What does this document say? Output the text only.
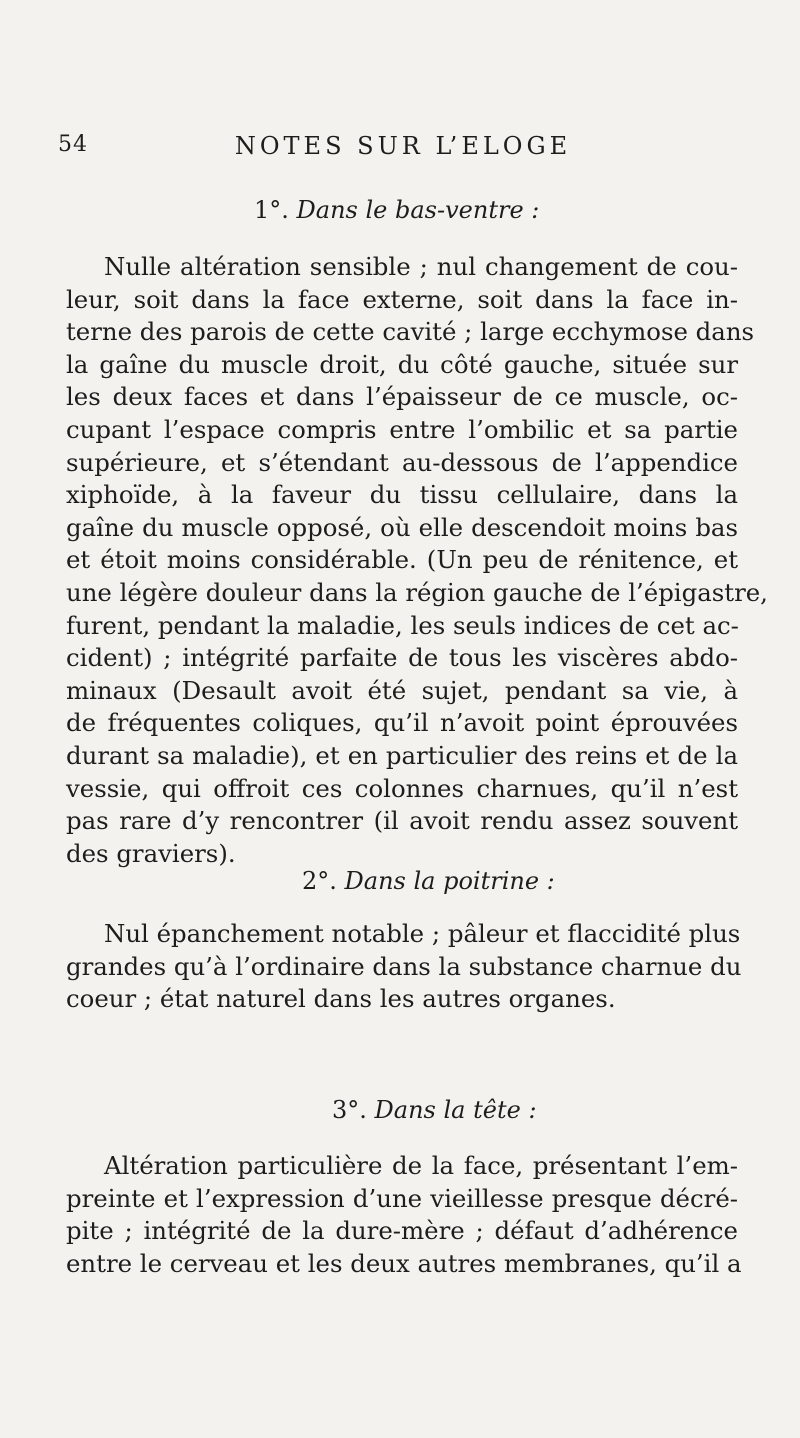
54	NOTES SUR L’ELOGE
1°. Dans le bas-ventre :
Nulle altération sensible ; nul changement de cou-
leur, soit dans la face externe, soit dans la face in-
terne des parois de cette cavité ; large ecchymose dans
la gaîne du muscle droit, du côté gauche, située sur
les deux faces et dans l’épaisseur de ce muscle, oc-
cupant l’espace compris entre l’ombilic et sa partie
supérieure, et s’étendant au-dessous de l’appendice
xiphoïde, à la faveur du tissu cellulaire, dans la
gaîne du muscle opposé, où elle descendoit moins bas
et étoit moins considérable. (Un peu de rénitence, et
une légère douleur dans la région gauche de l’épigastre,
furent, pendant la maladie, les seuls indices de cet ac-
cident) ; intégrité parfaite de tous les viscères abdo-
minaux (Desault avoit été sujet, pendant sa vie, à
de fréquentes coliques, qu’il n’avoit point éprouvées
durant sa maladie), et en particulier des reins et de la
vessie, qui offroit ces colonnes charnues, qu’il n’est
pas rare d’y rencontrer (il avoit rendu assez souvent
des graviers).
2°. Dans la poitrine :
Nul épanchement notable ; pâleur et flaccidité plus
grandes qu’à l’ordinaire dans la substance charnue du
coeur ; état naturel dans les autres organes.
3°. Dans la tête :
Altération particulière de la face, présentant l’em-
preinte et l’expression d’une vieillesse presque décré-
pite ; intégrité de la dure-mère ; défaut d’adhérence
entre le cerveau et les deux autres membranes, qu’il a
